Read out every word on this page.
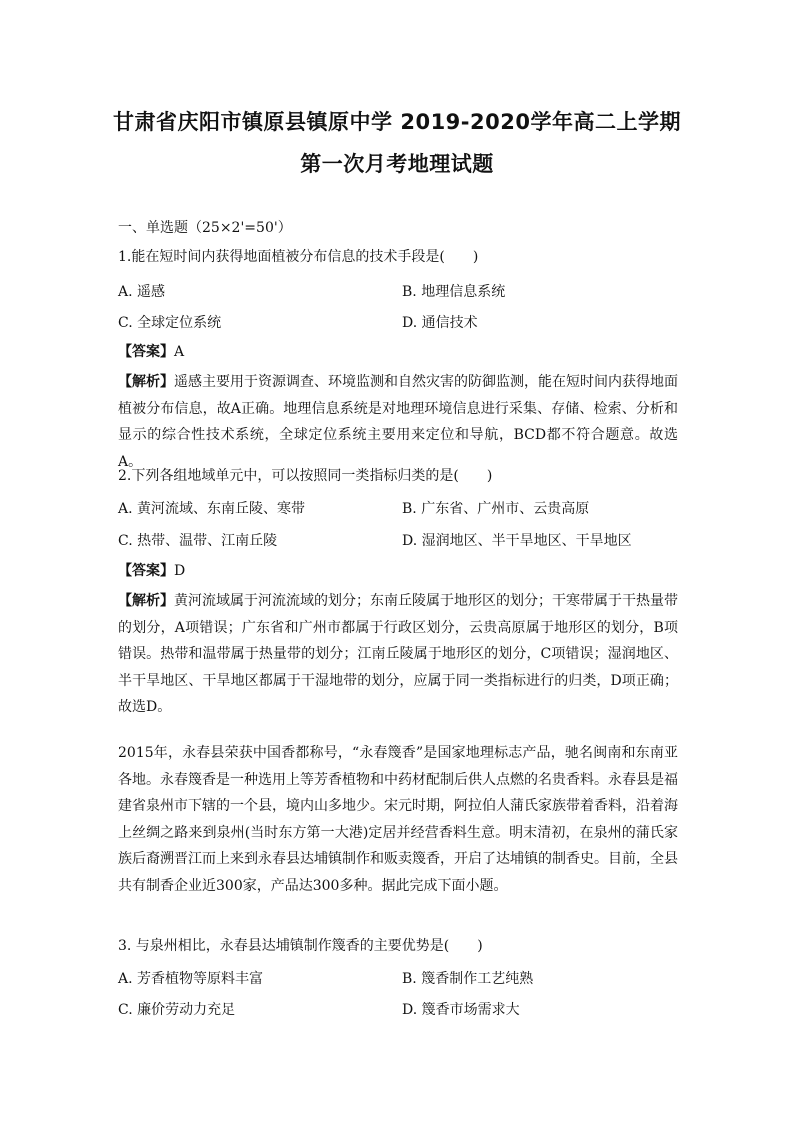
甘肃省庆阳市镇原县镇原中学 2019-2020学年高二上学期
第一次月考地理试题
一、单选题（25×2'=50'）
1.能在短时间内获得地面植被分布信息的技术手段是(　　)
A. 遥感	B. 地理信息系统
C. 全球定位系统	D. 通信技术
【答案】A
【解析】遥感主要用于资源调查、环境监测和自然灾害的防御监测，能在短时间内获得地面植被分布信息，故A正确。地理信息系统是对地理环境信息进行采集、存储、检索、分析和显示的综合性技术系统，全球定位系统主要用来定位和导航，BCD都不符合题意。故选A。
2.下列各组地域单元中，可以按照同一类指标归类的是(　　)
A. 黄河流域、东南丘陵、寒带	B. 广东省、广州市、云贵高原
C. 热带、温带、江南丘陵	D. 湿润地区、半干旱地区、干旱地区
【答案】D
【解析】黄河流域属于河流流域的划分；东南丘陵属于地形区的划分；干寒带属于干热量带的划分，A项错误；广东省和广州市都属于行政区划分，云贵高原属于地形区的划分，B项错误。热带和温带属于热量带的划分；江南丘陵属于地形区的划分，C项错误；湿润地区、半干旱地区、干旱地区都属于干湿地带的划分，应属于同一类指标进行的归类，D项正确；故选D。
2015年，永春县荣获中国香都称号，“永春篾香”是国家地理标志产品，驰名闽南和东南亚各地。永春篾香是一种选用上等芳香植物和中药材配制后供人点燃的名贵香料。永春县是福建省泉州市下辖的一个县，境内山多地少。宋元时期，阿拉伯人蒲氏家族带着香料，沿着海上丝绸之路来到泉州(当时东方第一大港)定居并经营香料生意。明末清初，在泉州的蒲氏家族后裔溯晋江而上来到永春县达埔镇制作和贩卖篾香，开启了达埔镇的制香史。目前，全县共有制香企业近300家，产品达300多种。据此完成下面小题。
3. 与泉州相比，永春县达埔镇制作篾香的主要优势是(　　)
A. 芳香植物等原料丰富	B. 篾香制作工艺纯熟
C. 廉价劳动力充足	D. 篾香市场需求大
